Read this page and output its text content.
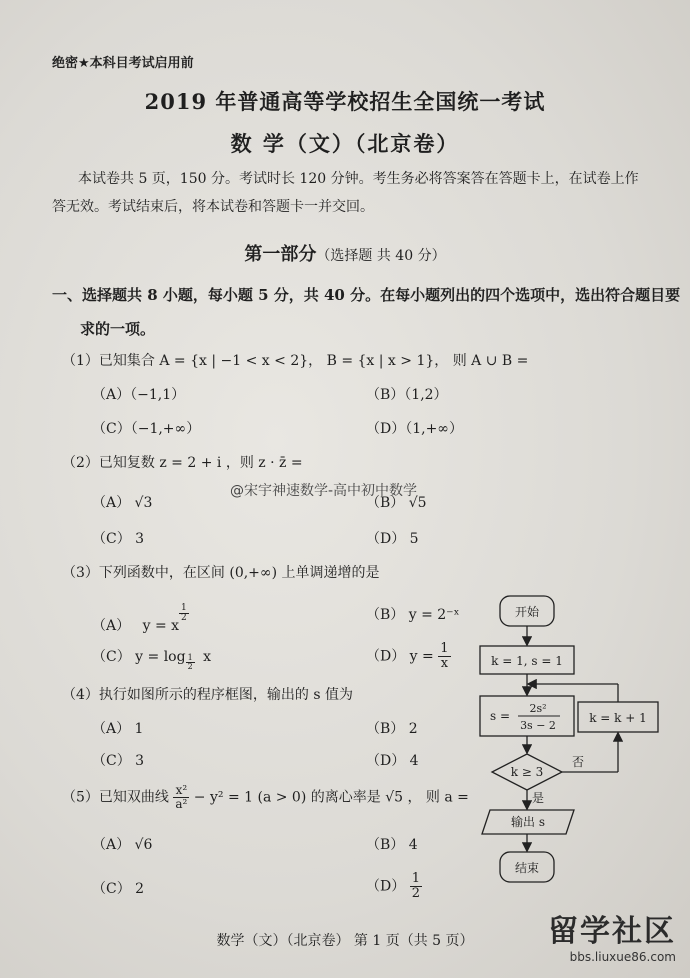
绝密★本科目考试启用前
2019 年普通高等学校招生全国统一考试
数 学（文）（北京卷）
本试卷共 5 页，150 分。考试时长 120 分钟。考生务必将答案答在答题卡上，在试卷上作
答无效。考试结束后，将本试卷和答题卡一并交回。
第一部分（选择题 共 40 分）
一、选择题共 8 小题，每小题 5 分，共 40 分。在每小题列出的四个选项中，选出符合题目要
求的一项。
（1）已知集合 A = {x | −1 < x < 2}， B = {x | x > 1}， 则 A ∪ B =
（A）（−1,1）	（B）（1,2）
（C）（−1,+∞）	（D）（1,+∞）
（2）已知复数 z = 2 + i ，则 z · z̄ =
@宋宇神速数学-高中初中数学
（A） √3	（B） √5
（C） 3	（D） 5
（3）下列函数中，在区间 (0,+∞) 上单调递增的是
（A） y = x
$\frac{1}{2}$	（B） y = 2⁻ˣ
（C） $y = \log \frac{1}{2}$ x	（D） $y = \frac{1}{x}$
（4）执行如图所示的程序框图，输出的 s 值为
（A） 1	（B） 2
（C） 3	（D） 4
（5）已知双曲线 $\frac{\text{x²}}{\text{a²}} - y^2 = 1$ (a > 0) 的离心率是 √5 ， 则 a =
（A） √6	（B） 4
（C） 2	$(D) \frac{1}{2}$
开始
k = 1, s = 1
s =
2s²
3s − 2
k = k + 1
k ≥ 3
否
是
输出 s
结束
数学（文）（北京卷） 第 1 页（共 5 页）	留学社区
bbs.liuxue86.com
